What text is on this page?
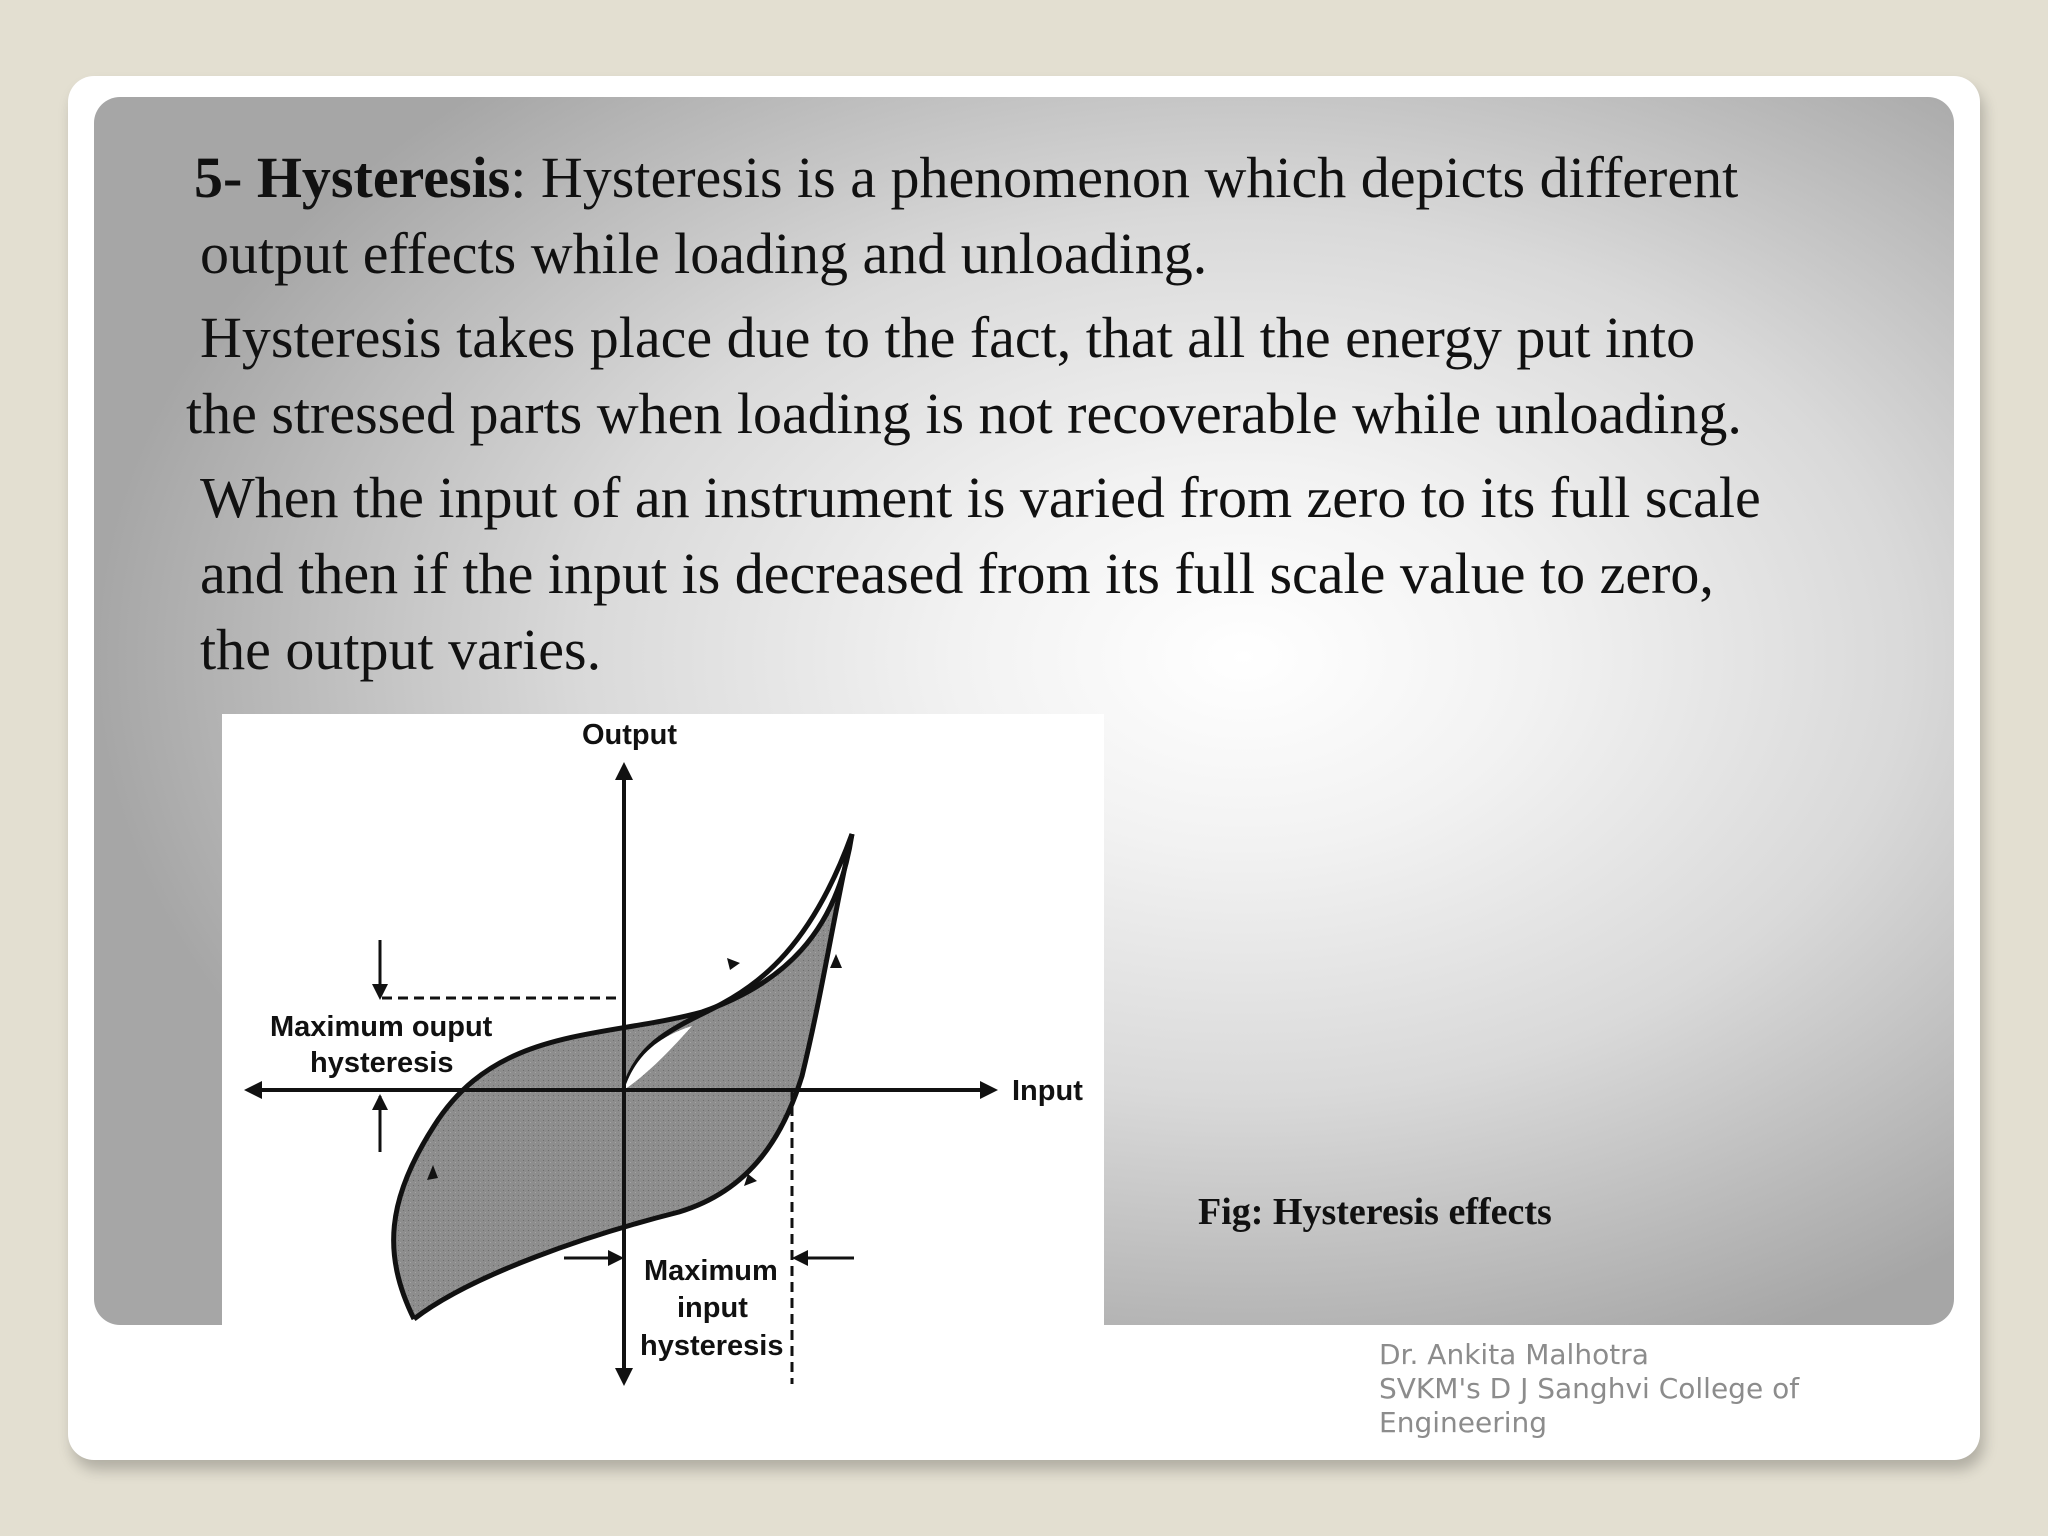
5- Hysteresis: Hysteresis is a phenomenon which depicts different
output effects while loading and unloading.

Hysteresis takes place due to the fact, that all the energy put into
the stressed parts when loading is not recoverable while unloading.

When the input of an instrument is varied from zero to its full scale
and then if the input is decreased from its full scale value to zero,
the output varies.

Output
Input
Maximum ouput
hysteresis
Maximum
input
hysteresis
Fig: Hysteresis effects
Dr. Ankita Malhotra
SVKM's D J Sanghvi College of
Engineering
